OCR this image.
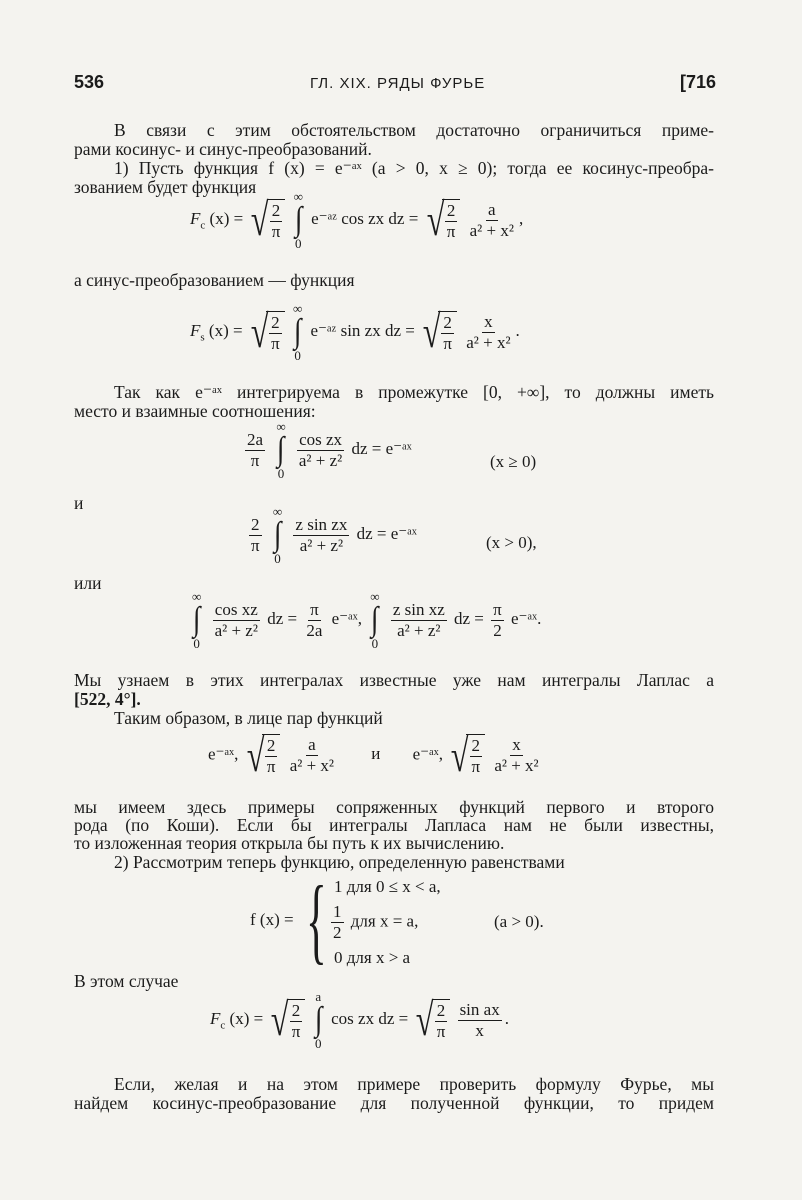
536	ГЛ. XIX. РЯДЫ ФУРЬЕ	[716
В связи с этим обстоятельством достаточно ограничиться приме-
рами косинус- и синус-преобразований.
1) Пусть функция f (x) = e⁻ᵃˣ (a > 0, x ≥ 0); тогда ее косинус-преобра-
зованием будет функция
$F_c$ (x) = √ $\frac{2}{\pi}$

∞
∫
0
e⁻ᵃᶻ cos zx dz = √ $\frac{2}{\pi}$
$\frac{a}{\text{a² + x²}}$ ,
а синус-преобразованием — функция
$F_s$ (x) = √ $\frac{2}{\pi}$

∞
∫
0
e⁻ᵃᶻ sin zx dz = √ $\frac{2}{\pi}$
$\frac{x}{\text{a² + x²}}$ .
Так как e⁻ᵃˣ интегрируема в промежутке [0, +∞], то должны иметь
место и взаимные соотношения:
$\frac{2a}{\pi}$

∞
∫
0

$\frac{\text{cos zx}}{\text{a² + z²}}$ dz = e⁻ᵃˣ
(x ≥ 0)
и
$\frac{2}{\pi}$

∞
∫
0

$\frac{\text{z sin zx}}{\text{a² + z²}}$ dz = e⁻ᵃˣ	(x > 0),
или
∞
∫
0

$\frac{\text{cos xz}}{\text{a² + z²}}$ dz = $\frac{\pi}{2a}$ e⁻ᵃˣ,
∞
∫
0

$\frac{\text{z sin xz}}{\text{a² + z²}}$ dz = $\frac{\pi}{2}$ e⁻ᵃˣ.
Мы узнаем в этих интегралах известные уже нам интегралы Лаплас а
[522, 4°].
Таким образом, в лице пар функций
e⁻ᵃˣ, √ $\frac{2}{\pi}$
$\frac{a}{\text{a² + x²}}$ и e⁻ᵃˣ, √ $\frac{2}{\pi}$
$\frac{x}{\text{a² + x²}}$
мы имеем здесь примеры сопряженных функций первого и второго
рода (по Коши). Если бы интегралы Лапласа нам не были известны,
то изложенная теория открыла бы путь к их вычислению.
2) Рассмотрим теперь функцию, определенную равенствами
f (x) = { 1 для 0 ≤ x < a,
$\frac{1}{2}$ для x = a,
0 для x > a
(a > 0).
В этом случае
$F_c$ (x) = √ $\frac{2}{\pi}$

a
∫
0
cos zx dz = √ $\frac{2}{\pi}$
$\frac{\text{sin ax}}{x}$ .
Если, желая и на этом примере проверить формулу Фурье, мы
найдем косинус-преобразование для полученной функции, то придем
